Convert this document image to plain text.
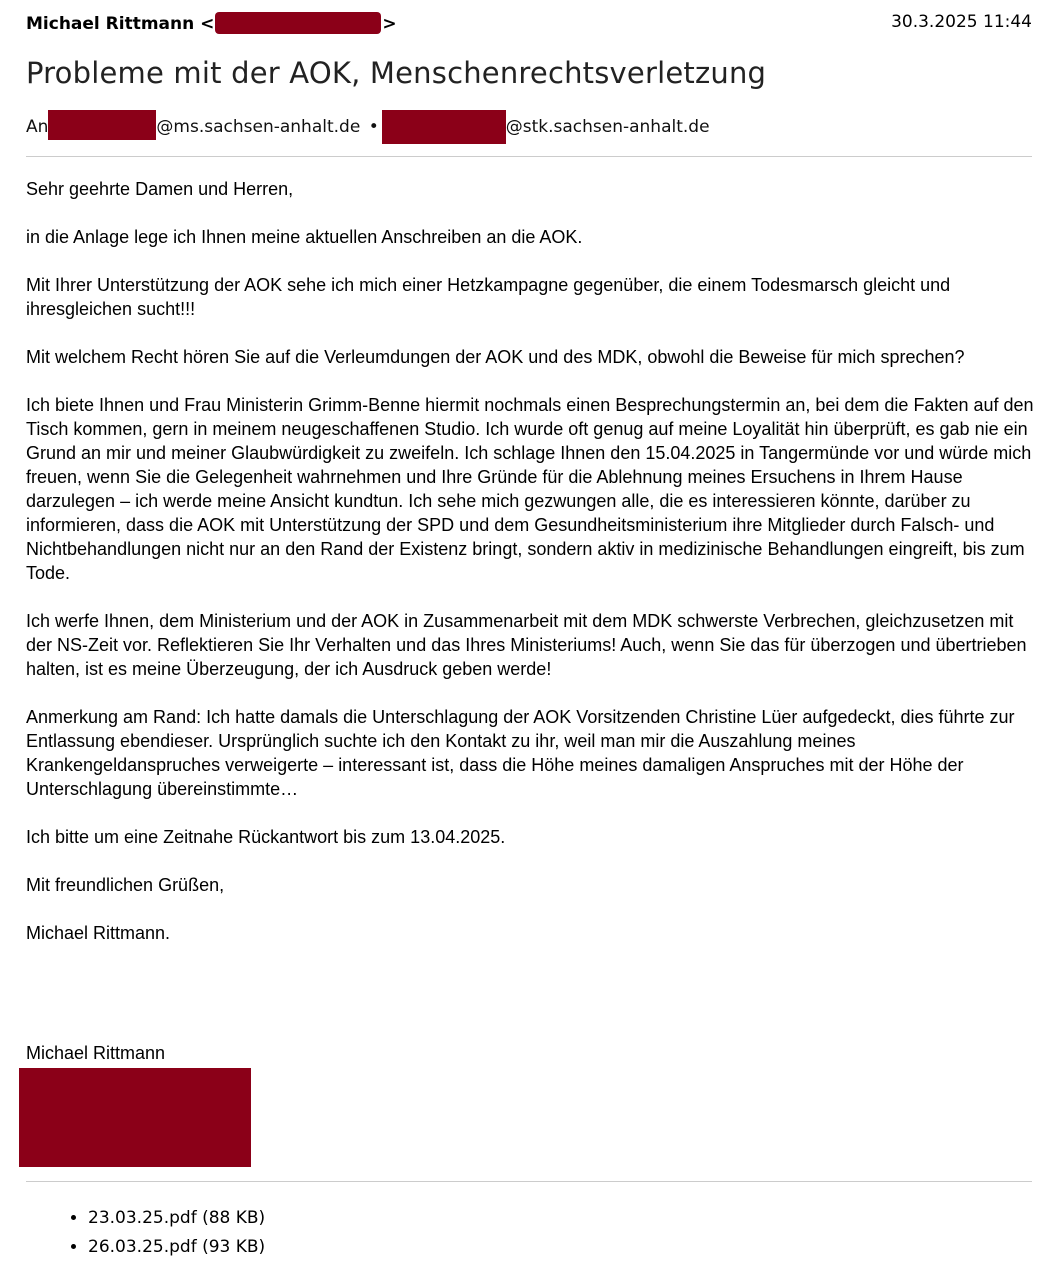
Michael Rittmann <	>	30.3.2025 11:44
Probleme mit der AOK, Menschenrechtsverletzung
An	@ms.sachsen-anhalt.de •	@stk.sachsen-anhalt.de

Sehr geehrte Damen und Herren,

in die Anlage lege ich Ihnen meine aktuellen Anschreiben an die AOK.

Mit Ihrer Unterstützung der AOK sehe ich mich einer Hetzkampagne gegenüber, die einem Todesmarsch gleicht und ihresgleichen sucht!!!

Mit welchem Recht hören Sie auf die Verleumdungen der AOK und des MDK, obwohl die Beweise für mich sprechen?

Ich biete Ihnen und Frau Ministerin Grimm-Benne hiermit nochmals einen Besprechungstermin an, bei dem die Fakten auf den Tisch kommen, gern in meinem neugeschaffenen Studio. Ich wurde oft genug auf meine Loyalität hin überprüft, es gab nie ein Grund an mir und meiner Glaubwürdigkeit zu zweifeln. Ich schlage Ihnen den 15.04.2025 in Tangermünde vor und würde mich freuen, wenn Sie die Gelegenheit wahrnehmen und Ihre Gründe für die Ablehnung meines Ersuchens in Ihrem Hause darzulegen – ich werde meine Ansicht kundtun. Ich sehe mich gezwungen alle, die es interessieren könnte, darüber zu informieren, dass die AOK mit Unterstützung der SPD und dem Gesundheitsministerium ihre Mitglieder durch Falsch- und Nichtbehandlungen nicht nur an den Rand der Existenz bringt, sondern aktiv in medizinische Behandlungen eingreift, bis zum Tode.

Ich werfe Ihnen, dem Ministerium und der AOK in Zusammenarbeit mit dem MDK schwerste Verbrechen, gleichzusetzen mit der NS-Zeit vor. Reflektieren Sie Ihr Verhalten und das Ihres Ministeriums! Auch, wenn Sie das für überzogen und übertrieben halten, ist es meine Überzeugung, der ich Ausdruck geben werde!

Anmerkung am Rand: Ich hatte damals die Unterschlagung der AOK Vorsitzenden Christine Lüer aufgedeckt, dies führte zur Entlassung ebendieser. Ursprünglich suchte ich den Kontakt zu ihr, weil man mir die Auszahlung meines Krankengeldanspruches verweigerte – interessant ist, dass die Höhe meines damaligen Anspruches mit der Höhe der Unterschlagung übereinstimmte…

Ich bitte um eine Zeitnahe Rückantwort bis zum 13.04.2025.

Mit freundlichen Grüßen,

Michael Rittmann.

Michael Rittmann
• 23.03.25.pdf (88 KB)
• 26.03.25.pdf (93 KB)
